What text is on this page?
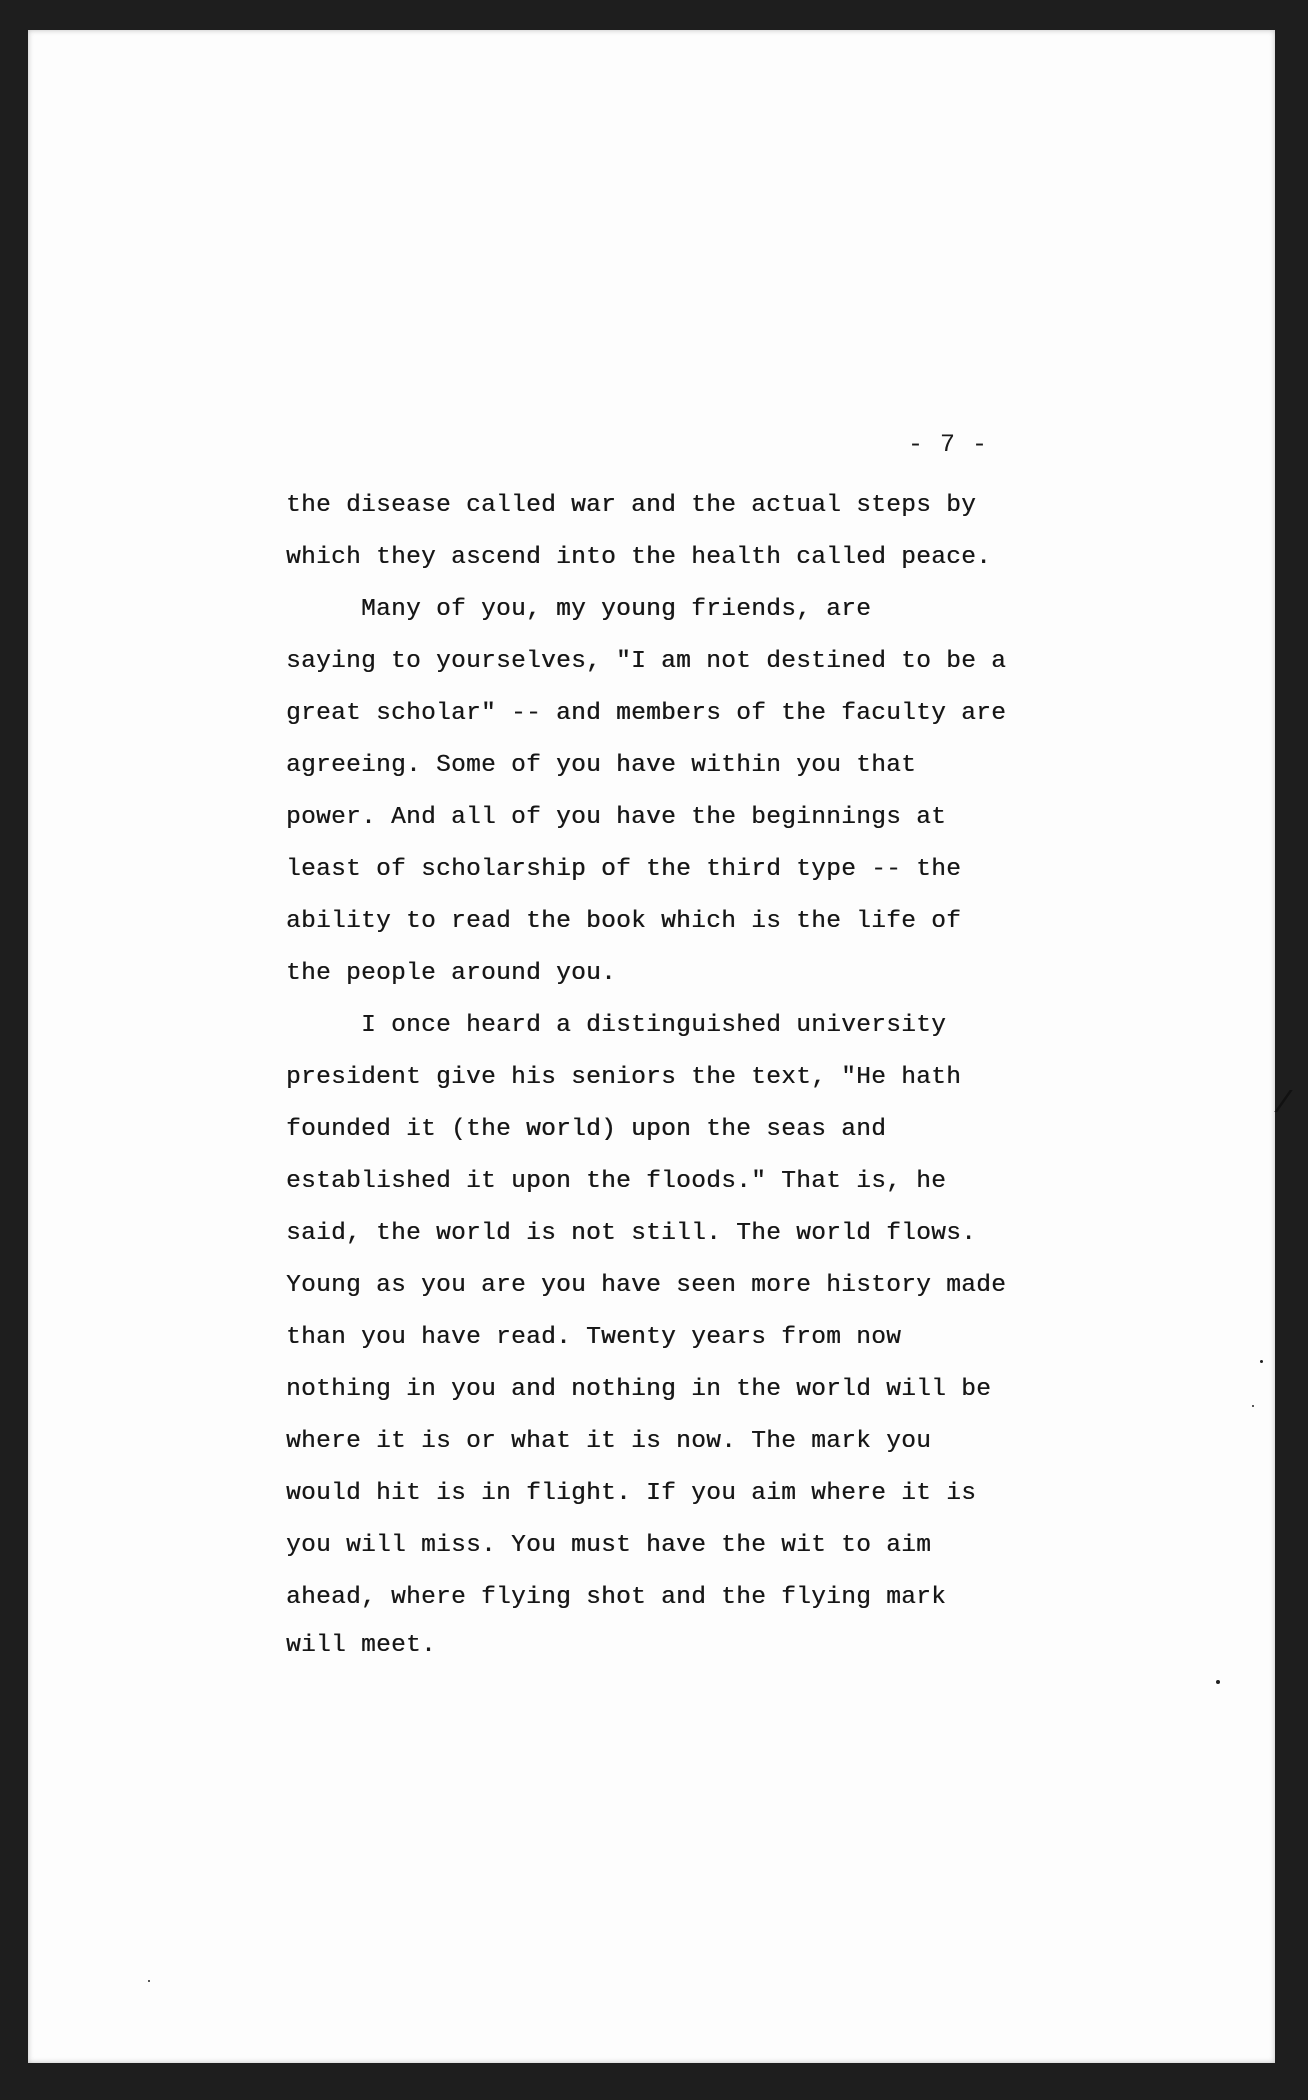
- 7 -
the disease called war and the actual steps by
which they ascend into the health called peace.
Many of you, my young friends, are
saying to yourselves, "I am not destined to be a
great scholar" -- and members of the faculty are
agreeing. Some of you have within you that
power. And all of you have the beginnings at
least of scholarship of the third type -- the
ability to read the book which is the life of
the people around you.
I once heard a distinguished university
president give his seniors the text, "He hath
founded it (the world) upon the seas and
established it upon the floods." That is, he
said, the world is not still. The world flows.
Young as you are you have seen more history made
than you have read. Twenty years from now
nothing in you and nothing in the world will be
where it is or what it is now. The mark you
would hit is in flight. If you aim where it is
you will miss. You must have the wit to aim
ahead, where flying shot and the flying mark
will meet.
